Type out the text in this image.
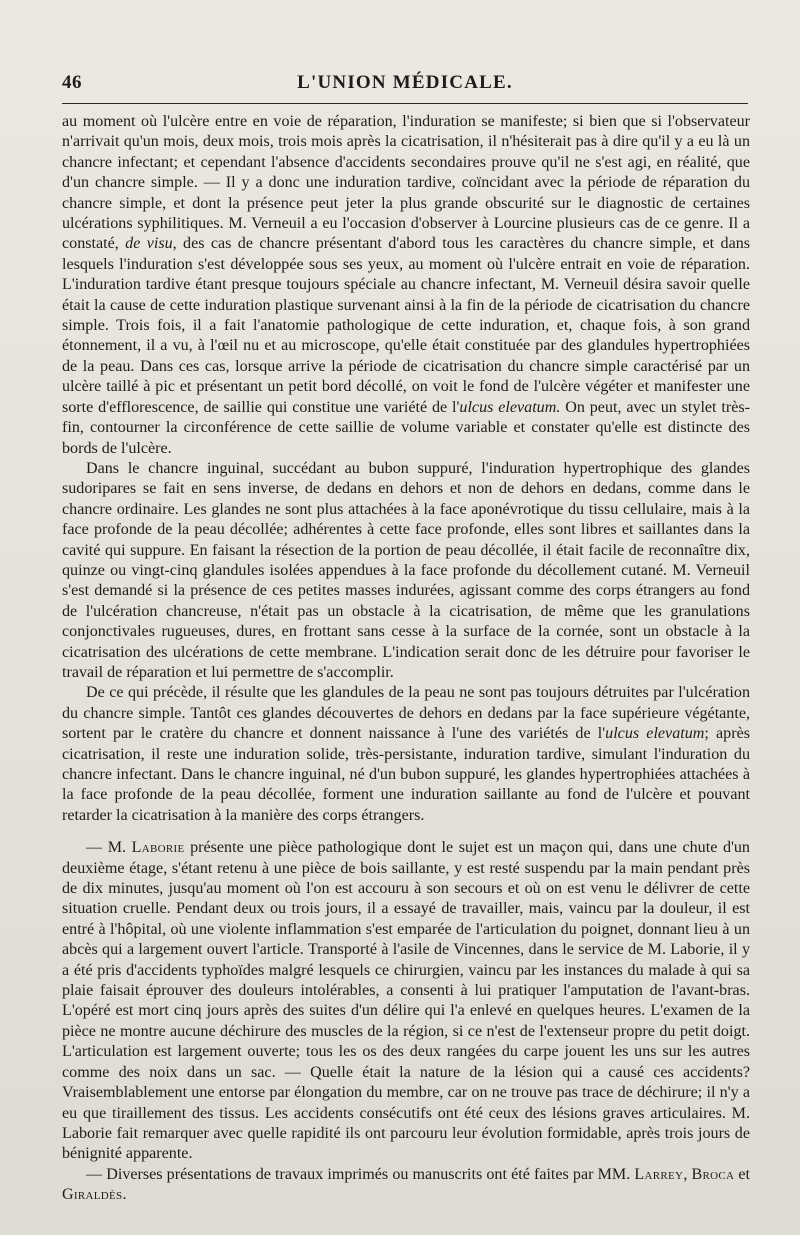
46	L'UNION MÉDICALE.

au moment où l'ulcère entre en voie de réparation, l'induration se manifeste; si bien que si l'observateur n'arrivait qu'un mois, deux mois, trois mois après la cicatrisation, il n'hésiterait pas à dire qu'il y a eu là un chancre infectant; et cependant l'absence d'accidents secondaires prouve qu'il ne s'est agi, en réalité, que d'un chancre simple. — Il y a donc une induration tardive, coïncidant avec la période de réparation du chancre simple, et dont la présence peut jeter la plus grande obscurité sur le diagnostic de certaines ulcérations syphilitiques. M. Verneuil a eu l'occasion d'observer à Lourcine plusieurs cas de ce genre. Il a constaté, de visu, des cas de chancre présentant d'abord tous les caractères du chancre simple, et dans lesquels l'induration s'est développée sous ses yeux, au moment où l'ulcère entrait en voie de réparation. L'induration tardive étant presque toujours spéciale au chancre infectant, M. Verneuil désira savoir quelle était la cause de cette induration plastique survenant ainsi à la fin de la période de cicatrisation du chancre simple. Trois fois, il a fait l'anatomie pathologique de cette induration, et, chaque fois, à son grand étonnement, il a vu, à l'œil nu et au microscope, qu'elle était constituée par des glandules hypertrophiées de la peau. Dans ces cas, lorsque arrive la période de cicatrisation du chancre simple caractérisé par un ulcère taillé à pic et présentant un petit bord décollé, on voit le fond de l'ulcère végéter et manifester une sorte d'efflorescence, de saillie qui constitue une variété de l'ulcus elevatum. On peut, avec un stylet très-fin, contourner la circonférence de cette saillie de volume variable et constater qu'elle est distincte des bords de l'ulcère.

Dans le chancre inguinal, succédant au bubon suppuré, l'induration hypertrophique des glandes sudoripares se fait en sens inverse, de dedans en dehors et non de dehors en dedans, comme dans le chancre ordinaire. Les glandes ne sont plus attachées à la face aponévrotique du tissu cellulaire, mais à la face profonde de la peau décollée; adhérentes à cette face profonde, elles sont libres et saillantes dans la cavité qui suppure. En faisant la résection de la portion de peau décollée, il était facile de reconnaître dix, quinze ou vingt-cinq glandules isolées appendues à la face profonde du décollement cutané. M. Verneuil s'est demandé si la présence de ces petites masses indurées, agissant comme des corps étrangers au fond de l'ulcération chancreuse, n'était pas un obstacle à la cicatrisation, de même que les granulations conjonctivales rugueuses, dures, en frottant sans cesse à la surface de la cornée, sont un obstacle à la cicatrisation des ulcérations de cette membrane. L'indication serait donc de les détruire pour favoriser le travail de réparation et lui permettre de s'accomplir.

De ce qui précède, il résulte que les glandules de la peau ne sont pas toujours détruites par l'ulcération du chancre simple. Tantôt ces glandes découvertes de dehors en dedans par la face supérieure végétante, sortent par le cratère du chancre et donnent naissance à l'une des variétés de l'ulcus elevatum; après cicatrisation, il reste une induration solide, très-persistante, induration tardive, simulant l'induration du chancre infectant. Dans le chancre inguinal, né d'un bubon suppuré, les glandes hypertrophiées attachées à la face profonde de la peau décollée, forment une induration saillante au fond de l'ulcère et pouvant retarder la cicatrisation à la manière des corps étrangers.

— M. Laborie présente une pièce pathologique dont le sujet est un maçon qui, dans une chute d'un deuxième étage, s'étant retenu à une pièce de bois saillante, y est resté suspendu par la main pendant près de dix minutes, jusqu'au moment où l'on est accouru à son secours et où on est venu le délivrer de cette situation cruelle. Pendant deux ou trois jours, il a essayé de travailler, mais, vaincu par la douleur, il est entré à l'hôpital, où une violente inflammation s'est emparée de l'articulation du poignet, donnant lieu à un abcès qui a largement ouvert l'article. Transporté à l'asile de Vincennes, dans le service de M. Laborie, il y a été pris d'accidents typhoïdes malgré lesquels ce chirurgien, vaincu par les instances du malade à qui sa plaie faisait éprouver des douleurs intolérables, a consenti à lui pratiquer l'amputation de l'avant-bras. L'opéré est mort cinq jours après des suites d'un délire qui l'a enlevé en quelques heures. L'examen de la pièce ne montre aucune déchirure des muscles de la région, si ce n'est de l'extenseur propre du petit doigt. L'articulation est largement ouverte; tous les os des deux rangées du carpe jouent les uns sur les autres comme des noix dans un sac. — Quelle était la nature de la lésion qui a causé ces accidents? Vraisemblablement une entorse par élongation du membre, car on ne trouve pas trace de déchirure; il n'y a eu que tiraillement des tissus. Les accidents consécutifs ont été ceux des lésions graves articulaires. M. Laborie fait remarquer avec quelle rapidité ils ont parcouru leur évolution formidable, après trois jours de bénignité apparente.

— Diverses présentations de travaux imprimés ou manuscrits ont été faites par MM. Larrey, Broca et Giraldès.
